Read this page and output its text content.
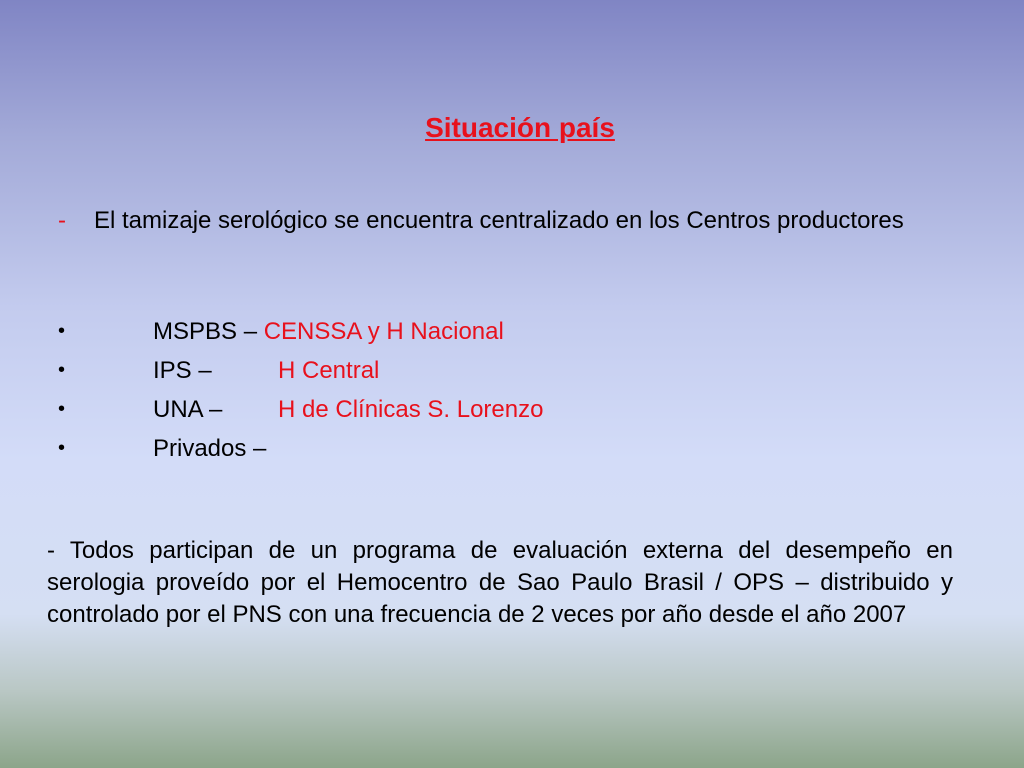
Situación país
- El tamizaje serológico se encuentra centralizado en los Centros productores
•	MSPBS – CENSSA y H Nacional
•	IPS –	H Central
•	UNA – H de Clínicas S. Lorenzo
•	Privados –
- Todos participan de un programa de evaluación externa del desempeño en serologia proveído por el Hemocentro de Sao Paulo Brasil / OPS – distribuido y controlado por el PNS con una frecuencia de 2 veces por año desde el año 2007
